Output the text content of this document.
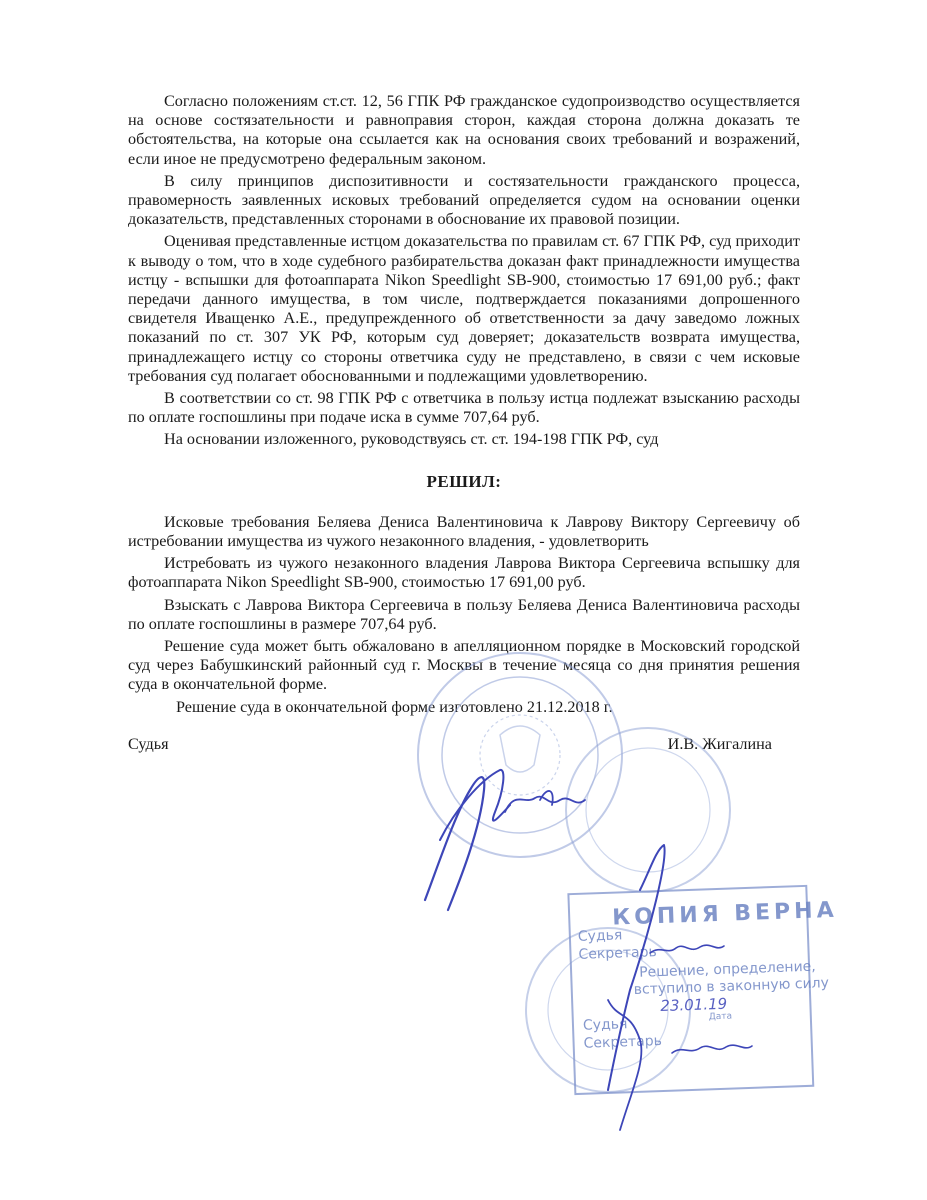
Согласно положениям ст.ст. 12, 56 ГПК РФ гражданское судопроизводство осуществляется на основе состязательности и равноправия сторон, каждая сторона должна доказать те обстоятельства, на которые она ссылается как на основания своих требований и возражений, если иное не предусмотрено федеральным законом.

В силу принципов диспозитивности и состязательности гражданского процесса, правомерность заявленных исковых требований определяется судом на основании оценки доказательств, представленных сторонами в обоснование их правовой позиции.

Оценивая представленные истцом доказательства по правилам ст. 67 ГПК РФ, суд приходит к выводу о том, что в ходе судебного разбирательства доказан факт принадлежности имущества истцу - вспышки для фотоаппарата Nikon Speedlight SB-900, стоимостью 17 691,00 руб.; факт передачи данного имущества, в том числе, подтверждается показаниями допрошенного свидетеля Иващенко А.Е., предупрежденного об ответственности за дачу заведомо ложных показаний по ст. 307 УК РФ, которым суд доверяет; доказательств возврата имущества, принадлежащего истцу со стороны ответчика суду не представлено, в связи с чем исковые требования суд полагает обоснованными и подлежащими удовлетворению.

В соответствии со ст. 98 ГПК РФ с ответчика в пользу истца подлежат взысканию расходы по оплате госпошлины при подаче иска в сумме 707,64 руб.

На основании изложенного, руководствуясь ст. ст. 194-198 ГПК РФ, суд

РЕШИЛ:

Исковые требования Беляева Дениса Валентиновича к Лаврову Виктору Сергеевичу об истребовании имущества из чужого незаконного владения, - удовлетворить

Истребовать из чужого незаконного владения Лаврова Виктора Сергеевича вспышку для фотоаппарата Nikon Speedlight SB-900, стоимостью 17 691,00 руб.

Взыскать с Лаврова Виктора Сергеевича в пользу Беляева Дениса Валентиновича расходы по оплате госпошлины в размере 707,64 руб.

Решение суда может быть обжаловано в апелляционном порядке в Московский городской суд через Бабушкинский районный суд г. Москвы в течение месяца со дня принятия решения суда в окончательной форме.

Решение суда в окончательной форме изготовлено 21.12.2018 г.

Судья	И.В. Жигалина
КОПИЯ ВЕРНА
Судья
Секретарь
Решение, определение,
вступило в законную силу
23.01.19
Дата
Судья
Секретарь
